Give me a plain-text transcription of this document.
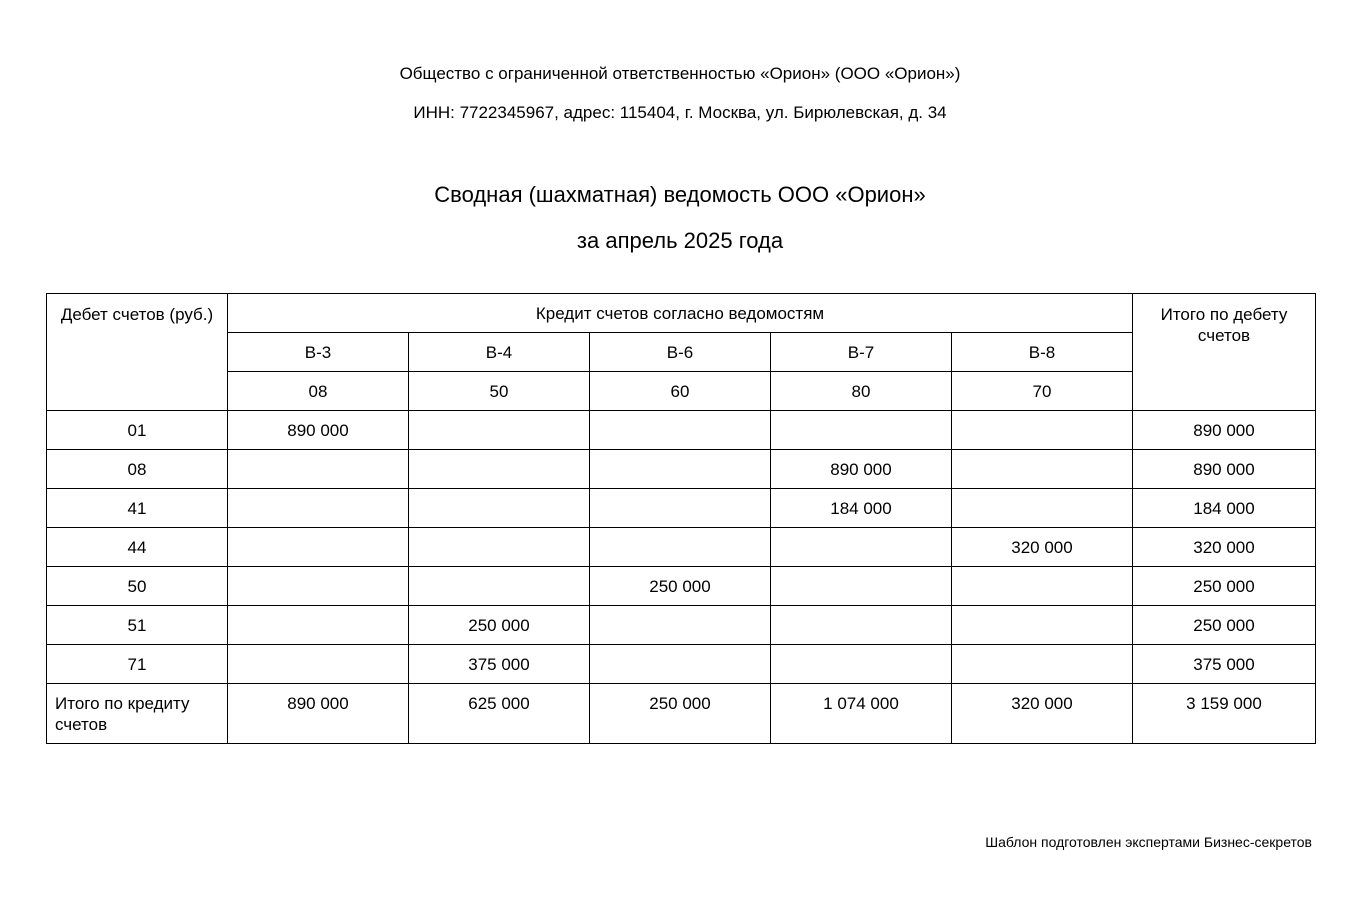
Общество с ограниченной ответственностью «Орион» (ООО «Орион»)
ИНН: 7722345967, адрес: 115404, г. Москва, ул. Бирюлевская, д. 34
Сводная (шахматная) ведомость ООО «Орион»
за апрель 2025 года
Дебет счетов (руб.)	Кредит счетов согласно ведомостям					Итого по дебету счетов
	В-3	В-4	В-6	В-7	В-8	
	08	50	60	80	70	
01	890 000					890 000
08				890 000		890 000
41				184 000		184 000
44					320 000	320 000
50			250 000			250 000
51		250 000				250 000
71		375 000				375 000
Итого по кредиту счетов	890 000	625 000	250 000	1 074 000	320 000	3 159 000
Шаблон подготовлен экспертами Бизнес-секретов
